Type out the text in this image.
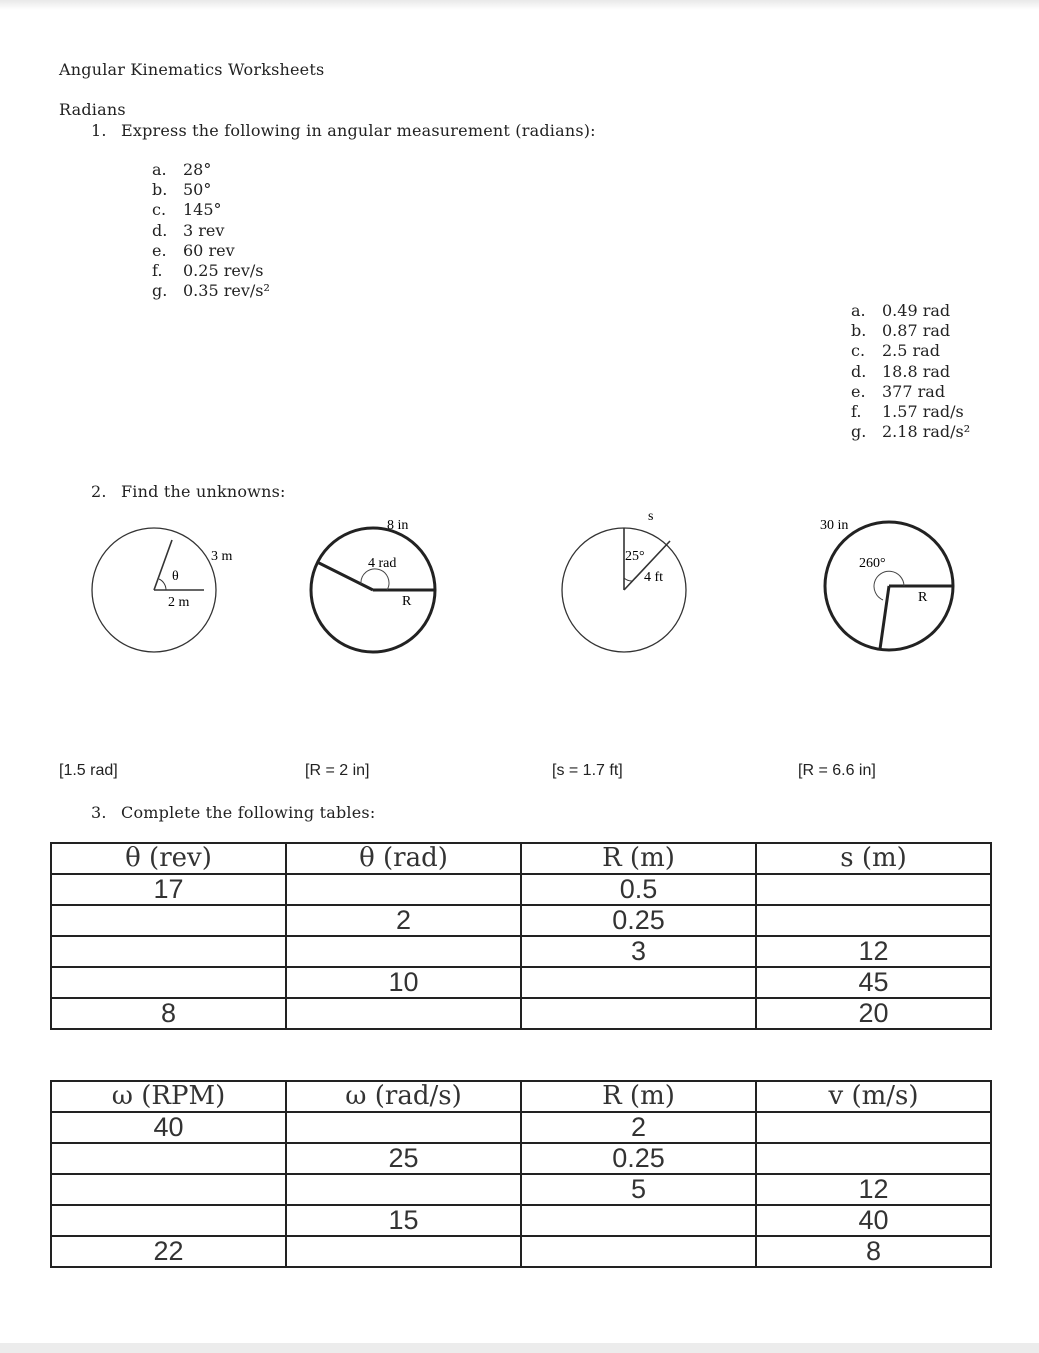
Angular Kinematics Worksheets
Radians
1. Express the following in angular measurement (radians):
a.	28°
b. 50°
c.	145°
d. 3 rev
e.	60 rev
f.	0.25 rev/s
g. 0.35 rev/s²
a.	0.49 rad
b. 0.87 rad
c.	2.5 rad
d. 18.8 rad
e.	377 rad
f.	1.57 rad/s
g. 2.18 rad/s²
2. Find the unknowns:
3 m
θ
2 m
8 in
4 rad
R
s
25°
4 ft
30 in
260°
R
[1.5 rad]	[R = 2 in]	[s = 1.7 ft]	[R = 6.6 in]
3. Complete the following tables:
θ (rev)	θ (rad)	R (m)	s (m)
17		0.5	
	2	0.25	
		3	12
	10		45
8			20
ω (RPM)	ω (rad/s)	R (m)	v (m/s)
40		2	
	25	0.25	
		5	12
	15		40
22			8
